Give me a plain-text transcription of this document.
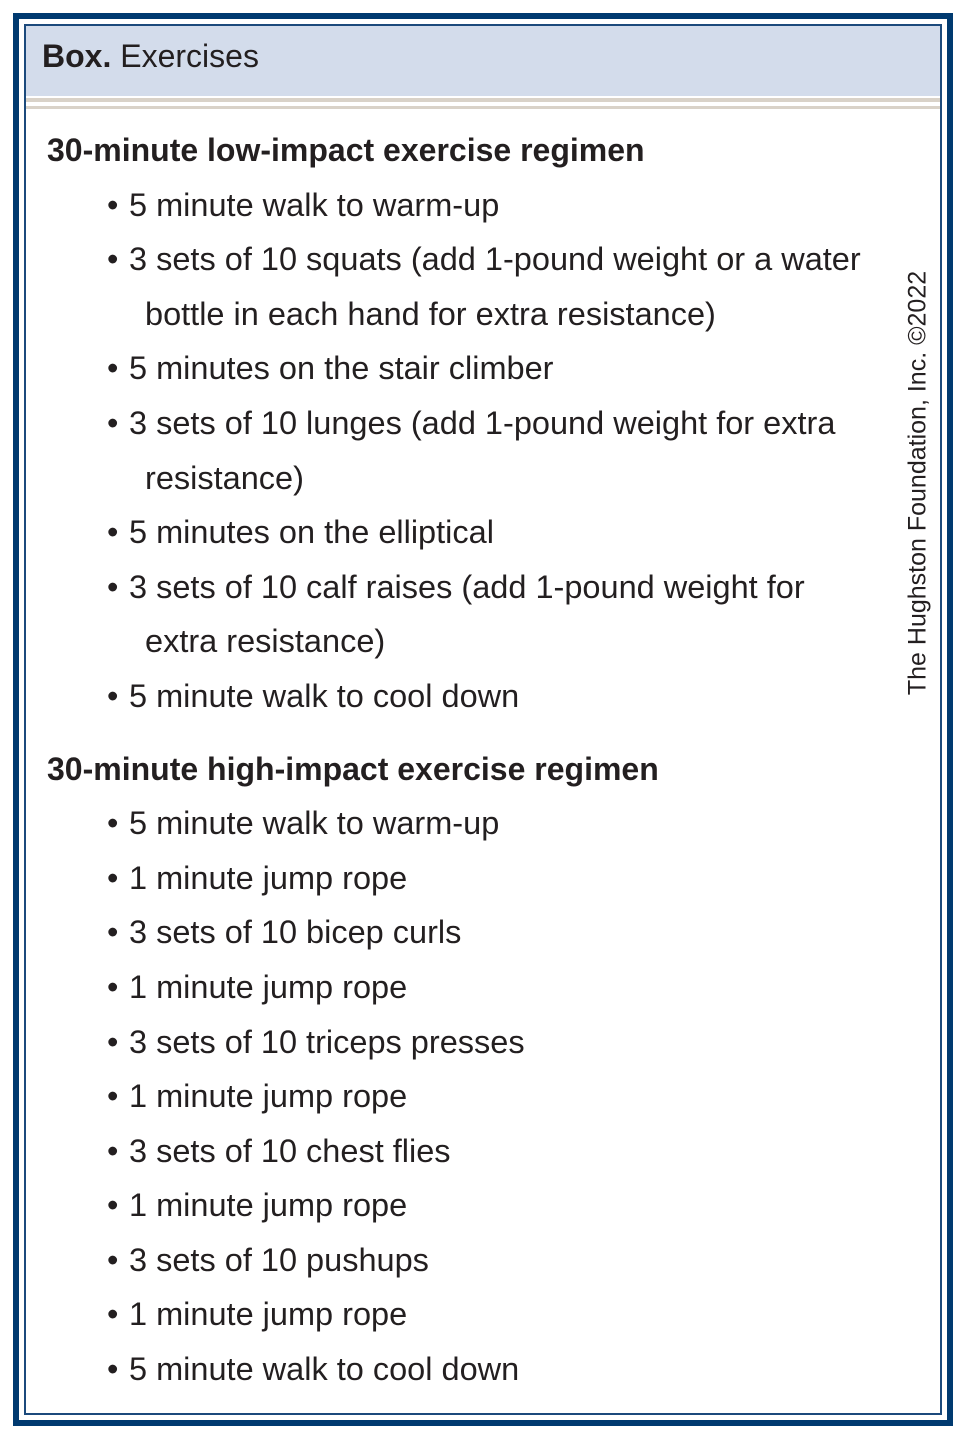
Box. Exercises
30-minute low-impact exercise regimen
• 5 minute walk to warm-up
• 3 sets of 10 squats (add 1-pound weight or a water bottle in each hand for extra resistance)
• 5 minutes on the stair climber
• 3 sets of 10 lunges (add 1-pound weight for extra resistance)
• 5 minutes on the elliptical
• 3 sets of 10 calf raises (add 1-pound weight for extra resistance)
• 5 minute walk to cool down
30-minute high-impact exercise regimen
• 5 minute walk to warm-up
• 1 minute jump rope
• 3 sets of 10 bicep curls
• 1 minute jump rope
• 3 sets of 10 triceps presses
• 1 minute jump rope
• 3 sets of 10 chest flies
• 1 minute jump rope
• 3 sets of 10 pushups
• 1 minute jump rope
• 5 minute walk to cool down
The Hughston Foundation, Inc. ©2022
